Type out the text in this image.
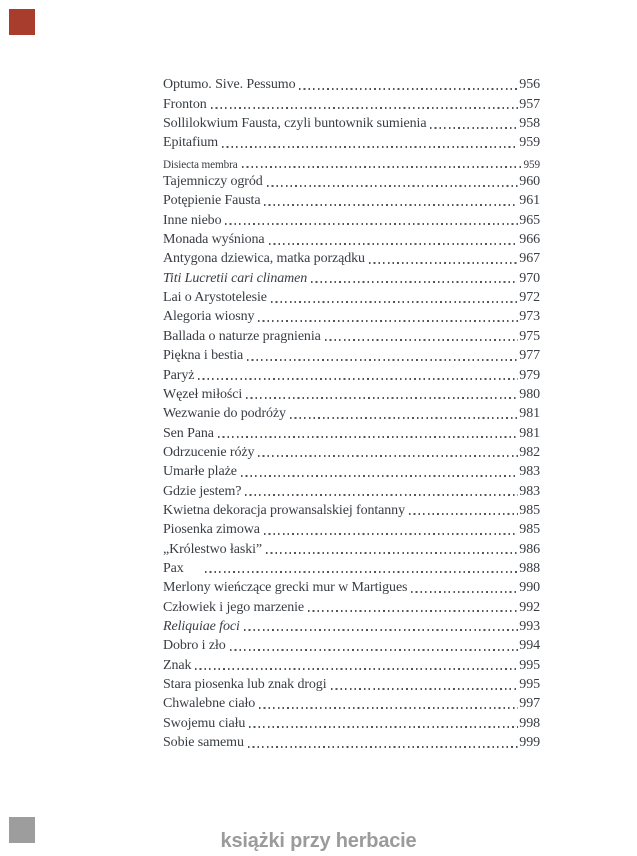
Optumo. Sive. Pessumo	956
Fronton	957
Sollilokwium Fausta, czyli buntownik sumienia	958
Epitafium	959
Disiecta membra	959
Tajemniczy ogród	960
Potępienie Fausta	961
Inne niebo	965
Monada wyśniona	966
Antygona dziewica, matka porządku	967
Titi Lucretii cari clinamen	970
Lai o Arystotelesie	972
Alegoria wiosny	973
Ballada o naturze pragnienia	975
Piękna i bestia	977
Paryż	979
Węzeł miłości	980
Wezwanie do podróży	981
Sen Pana	981
Odrzucenie róży	982
Umarłe plaże	983
Gdzie jestem?	983
Kwietna dekoracja prowansalskiej fontanny	985
Piosenka zimowa	985
„Królestwo łaski”	986
Pax	988
Merlony wieńczące grecki mur w Martigues	990
Człowiek i jego marzenie	992
Reliquiae foci	993
Dobro i zło	994
Znak	995
Stara piosenka lub znak drogi	995
Chwalebne ciało	997
Swojemu ciału	998
Sobie samemu	999
książki przy herbacie
